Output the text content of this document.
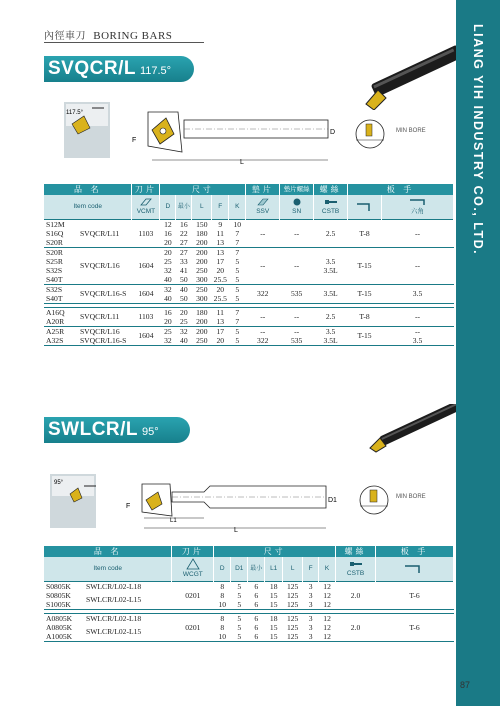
LIANG YIH INDUSTRY CO., LTD.
87
內徑車刀 BORING BARS
SVQCR/L 117.5°
117.5°
F
L
D	MIN BORE
品 名		刀片	尺寸					墊片	墊片螺絲	螺絲	板 手	
Item code		VCMT	D	最小	L	F	K	SSV	SN	CSTB		六角
S12M	SVQCR/L11	1103	12	16	150	9	10	--	--	2.5	T-8	--
S16Q			16	22	180	11	7					
S20R			20	27	200	13	7					
S20R	SVQCR/L16	1604	20	27	200	13	7	--	--	3.5	T-15	--
S25R			25	33	200	17	5					
S32S			32	41	250	20	5			3.5L		
S40T			40	50	300	25.5	5					
S32S	SVQCR/L16-S	1604	32	40	250	20	5	322	535	3.5L	T-15	3.5
S40T			40	50	300	25.5	5					

A16Q	SVQCR/L11	1103	16	20	180	11	7	--	--	2.5	T-8	--
A20R			20	25	200	13	7					
A25R	SVQCR/L16	1604	25	32	200	17	5	--	--	3.5	T-15	--
A32S	SVQCR/L16-S		32	40	250	20	5	322	535	3.5L		3.5
SWLCR/L 95°
95°
F
L1
L
D1	MIN BORE
品 名		刀片	尺寸							螺絲	板 手
Item code		WCGT	D	D1	最小	L1	L	F	K	CSTB	
S0805K	SWLCR/L02-L18	0201	8	5	6	18	125	3	12	2.0	T-6
S0805K	SWLCR/L02-L15		8	5	6	15	125	3	12		
S1005K			10	5	6	15	125	3	12		

A0805K	SWLCR/L02-L18	0201	8	5	6	18	125	3	12	2.0	T-6
A0805K	SWLCR/L02-L15		8	5	6	15	125	3	12		
A1005K			10	5	6	15	125	3	12		
